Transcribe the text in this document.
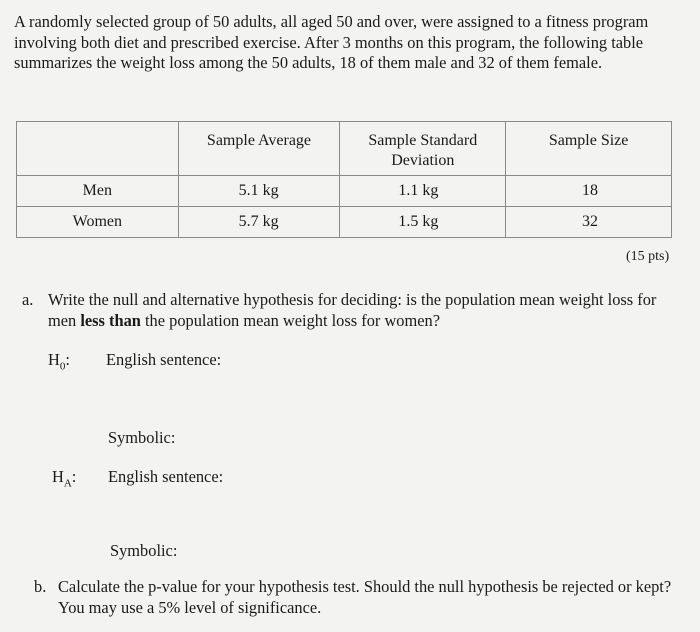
A randomly selected group of 50 adults, all aged 50 and over, were assigned to a fitness program involving both diet and prescribed exercise. After 3 months on this program, the following table summarizes the weight loss among the 50 adults, 18 of them male and 32 of them female.

	Sample Average	Sample Standard Deviation	Sample Size
Men	5.1 kg	1.1 kg	18
Women	5.7 kg	1.5 kg	32
(15 pts)
a. Write the null and alternative hypothesis for deciding: is the population mean weight loss for men less than the population mean weight loss for women?
$H_0$: English sentence:
Symbolic:
$H_A$: English sentence:
Symbolic:
b. Calculate the p-value for your hypothesis test. Should the null hypothesis be rejected or kept? You may use a 5% level of significance.
